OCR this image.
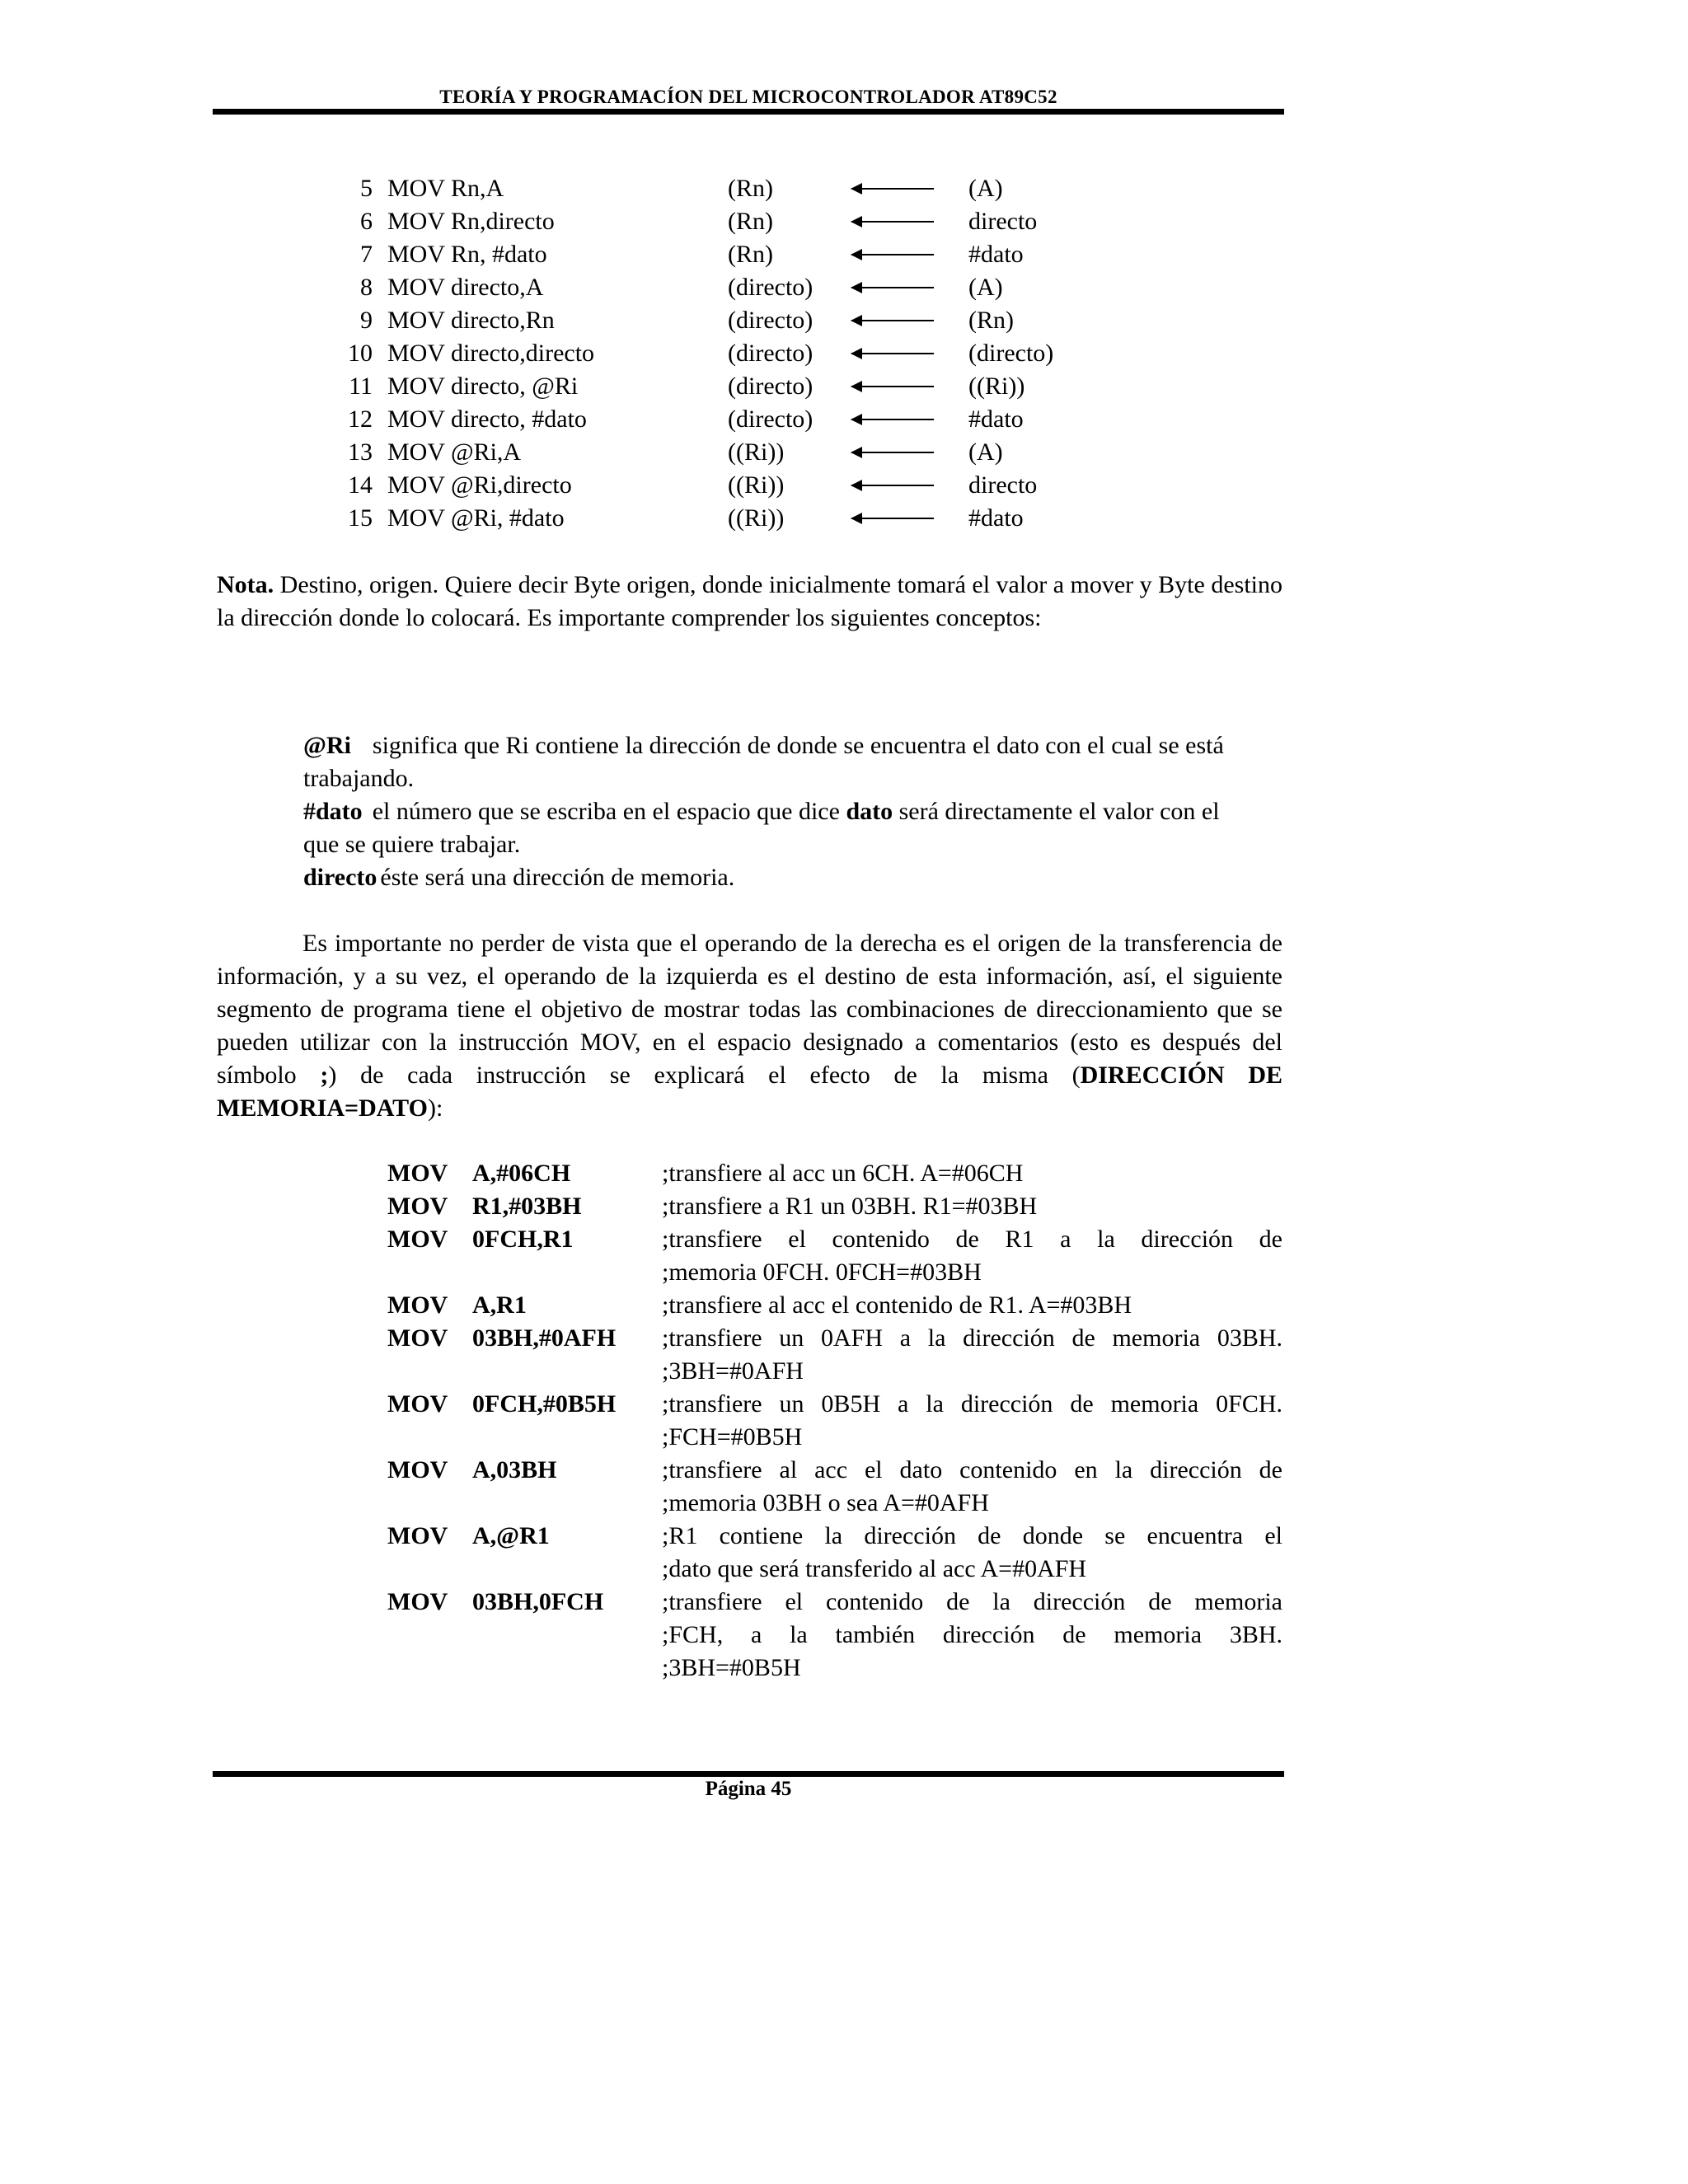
TEORÍA Y PROGRAMACÍON DEL MICROCONTROLADOR AT89C52
5 MOV Rn,A	(Rn)	(A)
6 MOV Rn,directo	(Rn)	directo
7 MOV Rn, #dato	(Rn)	#dato
8 MOV directo,A	(directo)	(A)
9 MOV directo,Rn	(directo)	(Rn)
10 MOV directo,directo	(directo)	(directo)
11 MOV directo, @Ri	(directo)	((Ri))
12 MOV directo, #dato	(directo)	#dato
13 MOV @Ri,A	((Ri))	(A)
14 MOV @Ri,directo	((Ri))	directo
15 MOV @Ri, #dato	((Ri))	#dato
Nota. Destino, origen. Quiere decir Byte origen, donde inicialmente tomará el valor a mover y Byte destino la dirección donde lo colocará. Es importante comprender los siguientes conceptos:

@Ri significa que Ri contiene la dirección de donde se encuentra el dato con el cual se está trabajando.

#dato el número que se escriba en el espacio que dice dato será directamente el valor con el que se quiere trabajar.

directo éste será una dirección de memoria.

Es importante no perder de vista que el operando de la derecha es el origen de la transferencia de información, y a su vez, el operando de la izquierda es el destino de esta información, así, el siguiente segmento de programa tiene el objetivo de mostrar todas las combinaciones de direccionamiento que se pueden utilizar con la instrucción MOV, en el espacio designado a comentarios (esto es después del símbolo ;) de cada instrucción se explicará el efecto de la misma (DIRECCIÓN DE MEMORIA=DATO):
MOV A,#06CH	;transfiere al acc un 6CH. A=#06CH
MOV R1,#03BH	;transfiere a R1 un 03BH. R1=#03BH
MOV 0FCH,R1	;transfiere el contenido de R1 a la dirección de
;memoria 0FCH. 0FCH=#03BH
MOV A,R1	;transfiere al acc el contenido de R1. A=#03BH
MOV 03BH,#0AFH ;transfiere un 0AFH a la dirección de memoria 03BH.
;3BH=#0AFH
MOV 0FCH,#0B5H ;transfiere un 0B5H a la dirección de memoria 0FCH.
;FCH=#0B5H
MOV A,03BH	;transfiere al acc el dato contenido en la dirección de
;memoria 03BH o sea A=#0AFH
MOV A,@R1	;R1 contiene la dirección de donde se encuentra el
;dato que será transferido al acc A=#0AFH
MOV 03BH,0FCH ;transfiere el contenido de la dirección de memoria
;FCH, a la también dirección de memoria 3BH.
;3BH=#0B5H
Página 45
